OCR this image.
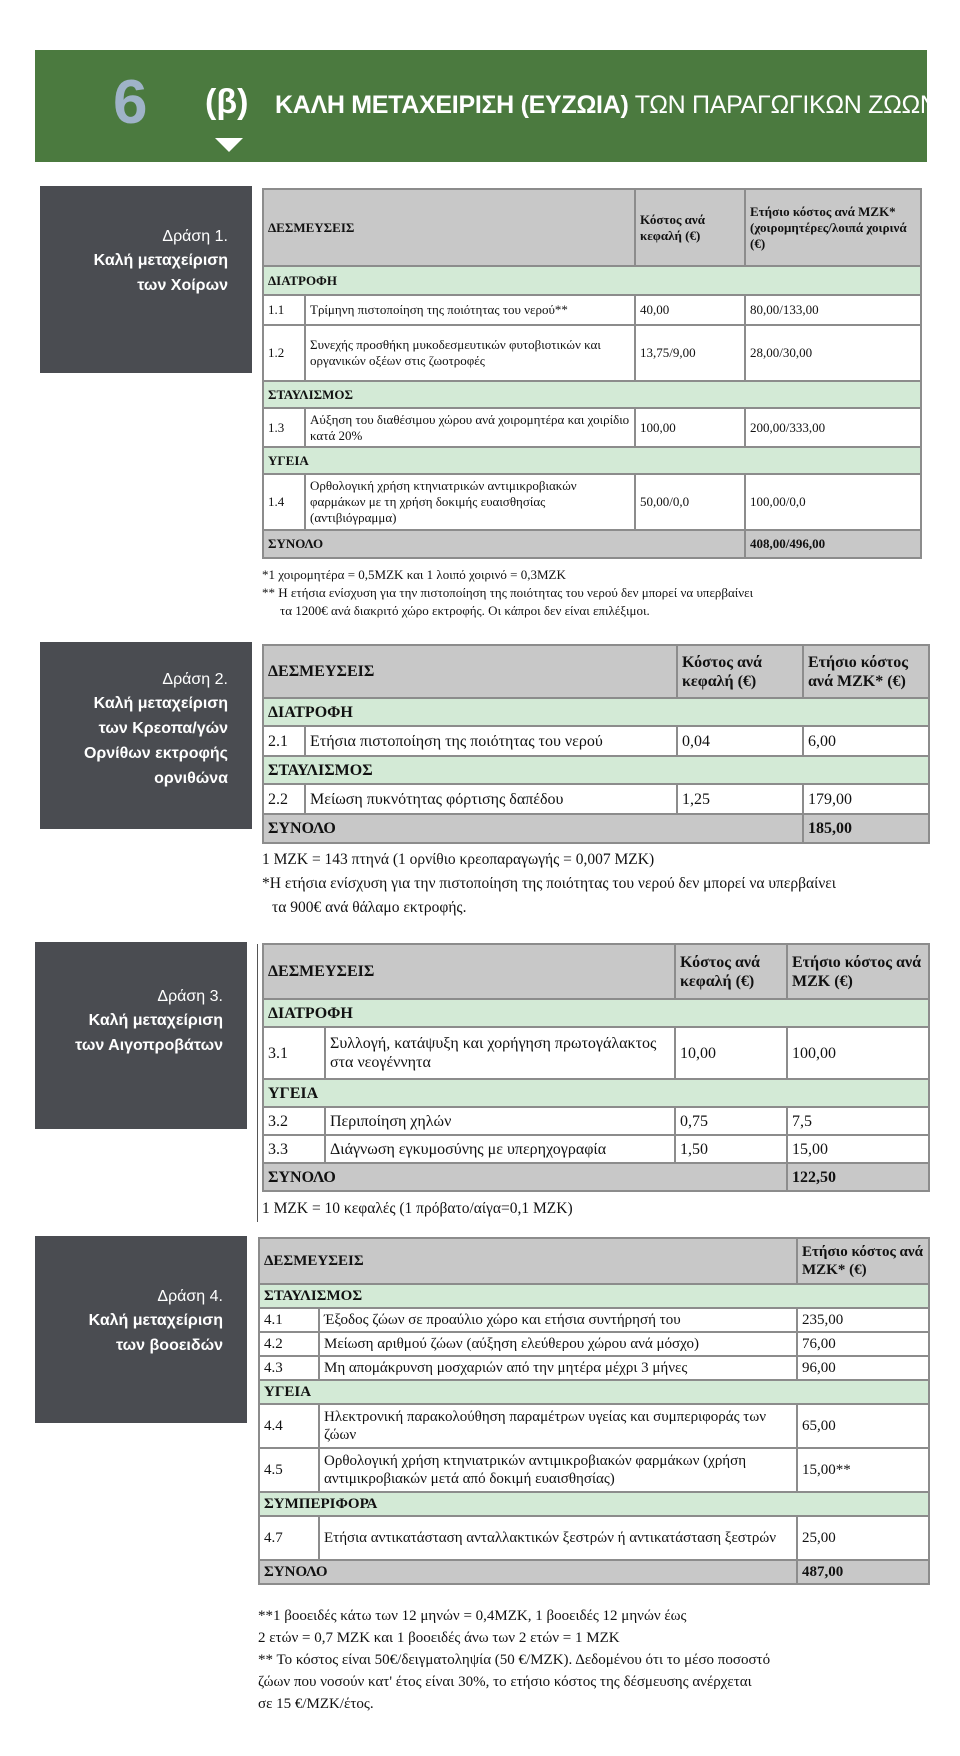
6 (β) ΚΑΛΗ ΜΕΤΑΧΕΙΡΙΣΗ (ΕΥΖΩΙΑ) ΤΩΝ ΠΑΡΑΓΩΓΙΚΩΝ ΖΩΩΝ
Δράση 1.
Καλή μεταχείριση
των Χοίρων
ΔΕΣΜΕΥΣΕΙΣ		Κόστος ανά κεφαλή (€)	Ετήσιο κόστος ανά MZK* (χοιρομητέρες/λοιπά χοιρινά (€)
ΔΙΑΤΡΟΦΗ			
1.1	Τρίμηνη πιστοποίηση της ποιότητας του νερού**	40,00	80,00/133,00
1.2	Συνεχής προσθήκη μυκοδεσμευτικών φυτοβιοτικών και οργανικών οξέων στις ζωοτροφές	13,75/9,00	28,00/30,00
ΣΤΑΥΛΙΣΜΟΣ			
1.3	Αύξηση του διαθέσιμου χώρου ανά χοιρομητέρα και χοιρίδιο κατά 20%	100,00	200,00/333,00
ΥΓΕΙΑ			
1.4	Ορθολογική χρήση κτηνιατρικών αντιμικροβιακών φαρμάκων με τη χρήση δοκιμής ευαισθησίας (αντιβιόγραμμα)	50,00/0,0	100,00/0,0
ΣΥΝΟΛΟ			408,00/496,00
*1 χοιρομητέρα = 0,5MZK και 1 λοιπό χοιρινό = 0,3MZK
** Η ετήσια ενίσχυση για την πιστοποίηση της ποιότητας του νερού δεν μπορεί να υπερβαίνει
τα 1200€ ανά διακριτό χώρο εκτροφής. Οι κάπροι δεν είναι επιλέξιμοι.
Δράση 2.
Καλή μεταχείριση
των Κρεοπα/γών
Ορνίθων εκτροφής
ορνιθώνα
ΔΕΣΜΕΥΣΕΙΣ		Κόστος ανά κεφαλή (€)	Ετήσιο κόστος ανά MZK* (€)
ΔΙΑΤΡΟΦΗ			
2.1	Ετήσια πιστοποίηση της ποιότητας του νερού	0,04	6,00
ΣΤΑΥΛΙΣΜΟΣ			
2.2	Μείωση πυκνότητας φόρτισης δαπέδου	1,25	179,00
ΣΥΝΟΛΟ			185,00
1 MZK = 143 πτηνά (1 ορνίθιο κρεοπαραγωγής = 0,007 MZK)
*Η ετήσια ενίσχυση για την πιστοποίηση της ποιότητας του νερού δεν μπορεί να υπερβαίνει
τα 900€ ανά θάλαμο εκτροφής.
Δράση 3.
Καλή μεταχείριση
των Αιγοπροβάτων
ΔΕΣΜΕΥΣΕΙΣ		Κόστος ανά κεφαλή (€)	Ετήσιο κόστος ανά MZK (€)
ΔΙΑΤΡΟΦΗ			
3.1	Συλλογή, κατάψυξη και χορήγηση πρωτογάλακτος στα νεογέννητα	10,00	100,00
ΥΓΕΙΑ			
3.2	Περιποίηση χηλών	0,75	7,5
3.3	Διάγνωση εγκυμοσύνης με υπερηχογραφία	1,50	15,00
ΣΥΝΟΛΟ			122,50
1 MZK = 10 κεφαλές (1 πρόβατο/αίγα=0,1 MZK)
Δράση 4.
Καλή μεταχείριση
των βοοειδών
ΔΕΣΜΕΥΣΕΙΣ		Ετήσιο κόστος ανά MZK* (€)
ΣΤΑΥΛΙΣΜΟΣ		
4.1	Έξοδος ζώων σε προαύλιο χώρο και ετήσια συντήρησή του	235,00
4.2	Μείωση αριθμού ζώων (αύξηση ελεύθερου χώρου ανά μόσχο)	76,00
4.3	Μη απομάκρυνση μοσχαριών από την μητέρα μέχρι 3 μήνες	96,00
ΥΓΕΙΑ		
4.4	Ηλεκτρονική παρακολούθηση παραμέτρων υγείας και συμπεριφοράς των ζώων	65,00
4.5	Ορθολογική χρήση κτηνιατρικών αντιμικροβιακών φαρμάκων (χρήση αντιμικροβιακών μετά από δοκιμή ευαισθησίας)	15,00**
ΣΥΜΠΕΡΙΦΟΡΑ		
4.7	Ετήσια αντικατάσταση ανταλλακτικών ξεστρών ή αντικατάσταση ξεστρών	25,00
ΣΥΝΟΛΟ		487,00
**1 βοοειδές κάτω των 12 μηνών = 0,4MZK, 1 βοοειδές 12 μηνών έως
2 ετών = 0,7 MZK και 1 βοοειδές άνω των 2 ετών = 1 MZK
** Το κόστος είναι 50€/δειγματοληψία (50 €/MZK). Δεδομένου ότι το μέσο ποσοστό
ζώων που νοσούν κατ' έτος είναι 30%, το ετήσιο κόστος της δέσμευσης ανέρχεται
σε 15 €/MZK/έτος.
